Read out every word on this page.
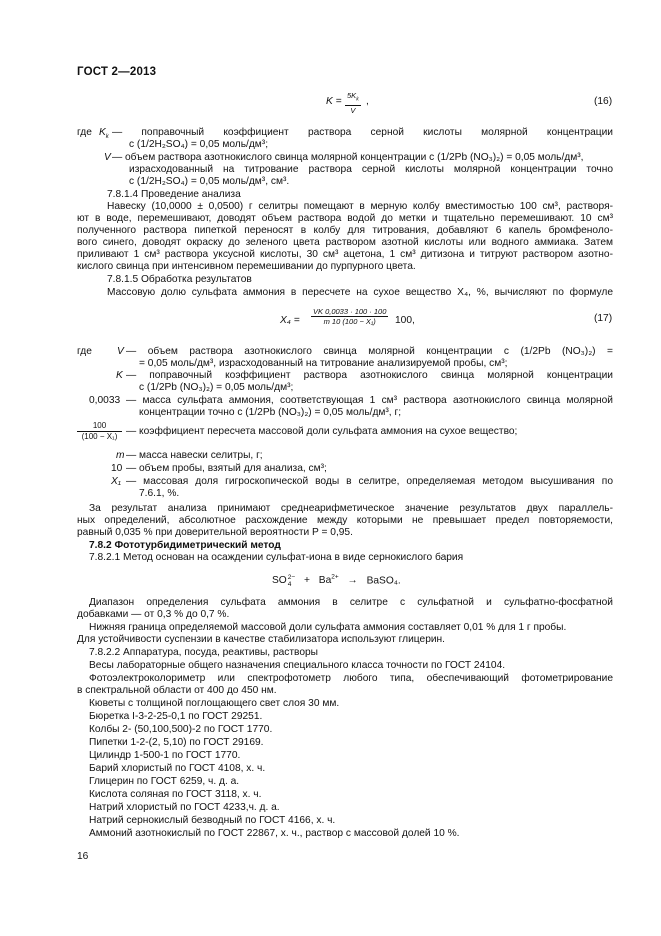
ГОСТ 2—2013
$K = \frac{5K_k}{V}$ ,	(16)
где $K_k$ — поправочный коэффициент раствора серной кислоты молярной концентрации
c (1/2H₂SO₄) = 0,05 моль/дм³;
V — объем раствора азотнокислого свинца молярной концентрации c (1/2Pb (NO₃)₂) = 0,05 моль/дм³,
израсходованный на титрование раствора серной кислоты молярной концентрации точно
c (1/2H₂SO₄) = 0,05 моль/дм³, см³.
7.8.1.4 Проведение анализа
Навеску (10,0000 ± 0,0500) г селитры помещают в мерную колбу вместимостью 100 см³, растворя-
ют в воде, перемешивают, доводят объем раствора водой до метки и тщательно перемешивают. 10 см³
полученного раствора пипеткой переносят в колбу для титрования, добавляют 6 капель бромфеноло-
вого синего, доводят окраску до зеленого цвета раствором азотной кислоты или водного аммиака. Затем
приливают 1 см³ раствора уксусной кислоты, 30 см³ ацетона, 1 см³ дитизона и титруют раствором азотно-
кислого свинца при интенсивном перемешивании до пурпурного цвета.
7.8.1.5 Обработка результатов
Массовую долю сульфата аммония в пересчете на сухое вещество X₄, %, вычисляют по формуле
$X_4 = \frac{VK 0,0033 \cdot 100 \cdot 100}{\text{m 10 (100 − X₁)}} 100$,	(17)
где V — объем раствора азотнокислого свинца молярной концентрации c (1/2Pb (NO₃)₂) =
= 0,05 моль/дм³, израсходованный на титрование анализируемой пробы, см³;
K — поправочный коэффициент раствора азотнокислого свинца молярной концентрации
c (1/2Pb (NO₃)₂) = 0,05 моль/дм³;
0,0033 — масса сульфата аммония, соответствующая 1 см³ раствора азотнокислого свинца молярной
концентрации точно c (1/2Pb (NO₃)₂) = 0,05 моль/дм³, г;
$\frac{100}{\text{(100 − X₁)}}$ — коэффициент пересчета массовой доли сульфата аммония на сухое вещество;
m — масса навески селитры, г;
10 — объем пробы, взятый для анализа, см³;
X₁ — массовая доля гигроскопической воды в селитре, определяемая методом высушивания по
7.6.1, %.
За результат анализа принимают среднеарифметическое значение результатов двух параллель-
ных определений, абсолютное расхождение между которыми не превышает предел повторяемости,
равный 0,035 % при доверительной вероятности P = 0,95.
7.8.2 Фототурбидиметрический метод
7.8.2.1 Метод основан на осаждении сульфат-иона в виде сернокислого бария
SO 2−
4	+ $Ba^{2+}$ → BaSO₄.
Диапазон определения сульфата аммония в селитре с сульфатной и сульфатно-фосфатной
добавками — от 0,3 % до 0,7 %.
Нижняя граница определяемой массовой доли сульфата аммония составляет 0,01 % для 1 г пробы.
Для устойчивости суспензии в качестве стабилизатора используют глицерин.
7.8.2.2 Аппаратура, посуда, реактивы, растворы
Весы лабораторные общего назначения специального класса точности по ГОСТ 24104.
Фотоэлектроколориметр или спектрофотометр любого типа, обеспечивающий фотометрирование
в спектральной области от 400 до 450 нм.
Кюветы с толщиной поглощающего свет слоя 30 мм.
Бюретка I-3-2-25-0,1 по ГОСТ 29251.
Колбы 2- (50,100,500)-2 по ГОСТ 1770.
Пипетки 1-2-(2, 5,10) по ГОСТ 29169.
Цилиндр 1-500-1 по ГОСТ 1770.
Барий хлористый по ГОСТ 4108, х. ч.
Глицерин по ГОСТ 6259, ч. д. а.
Кислота соляная по ГОСТ 3118, х. ч.
Натрий хлористый по ГОСТ 4233,ч. д. а.
Натрий сернокислый безводный по ГОСТ 4166, х. ч.
Аммоний азотнокислый по ГОСТ 22867, х. ч., раствор с массовой долей 10 %.
16
